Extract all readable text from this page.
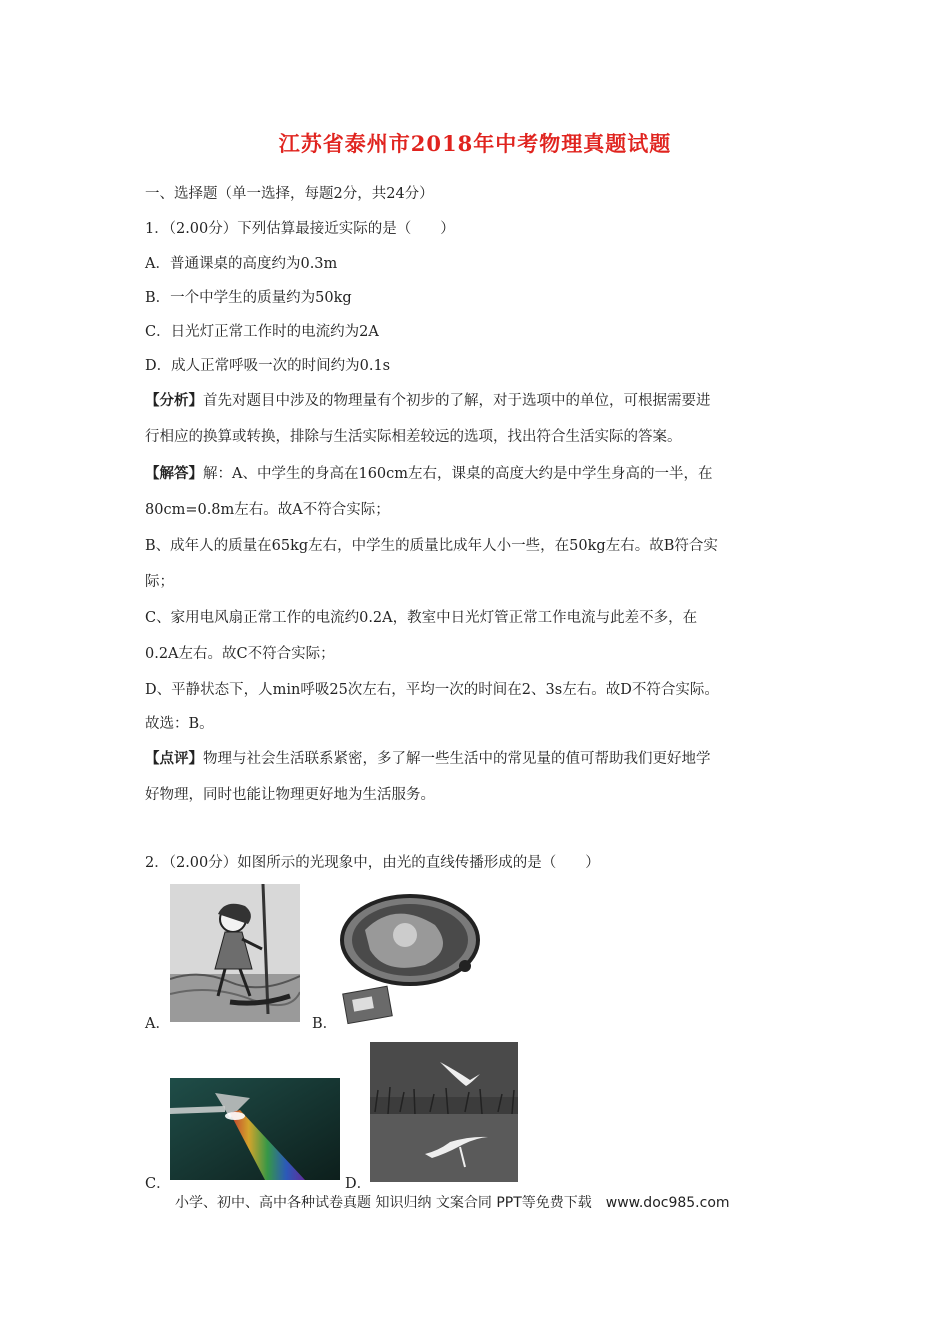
江苏省泰州市2018年中考物理真题试题
一、选择题（单一选择，每题2分，共24分）
1．（2.00分）下列估算最接近实际的是（　　）
A．普通课桌的高度约为0.3m
B．一个中学生的质量约为50kg
C．日光灯正常工作时的电流约为2A
D．成人正常呼吸一次的时间约为0.1s
【分析】首先对题目中涉及的物理量有个初步的了解，对于选项中的单位，可根据需要进
行相应的换算或转换，排除与生活实际相差较远的选项，找出符合生活实际的答案。
【解答】解：A、中学生的身高在160cm左右，课桌的高度大约是中学生身高的一半，在
80cm=0.8m左右。故A不符合实际；
B、成年人的质量在65kg左右，中学生的质量比成年人小一些，在50kg左右。故B符合实
际；
C、家用电风扇正常工作的电流约0.2A，教室中日光灯管正常工作电流与此差不多，在
0.2A左右。故C不符合实际；
D、平静状态下，人min呼吸25次左右，平均一次的时间在2、3s左右。故D不符合实际。
故选：B。
【点评】物理与社会生活联系紧密，多了解一些生活中的常见量的值可帮助我们更好地学
好物理，同时也能让物理更好地为生活服务。
2．（2.00分）如图所示的光现象中，由光的直线传播形成的是（　　）
A．	B．
C．	D．
小学、初中、高中各种试卷真题 知识归纳 文案合同 PPT等免费下载　www.doc985.com
